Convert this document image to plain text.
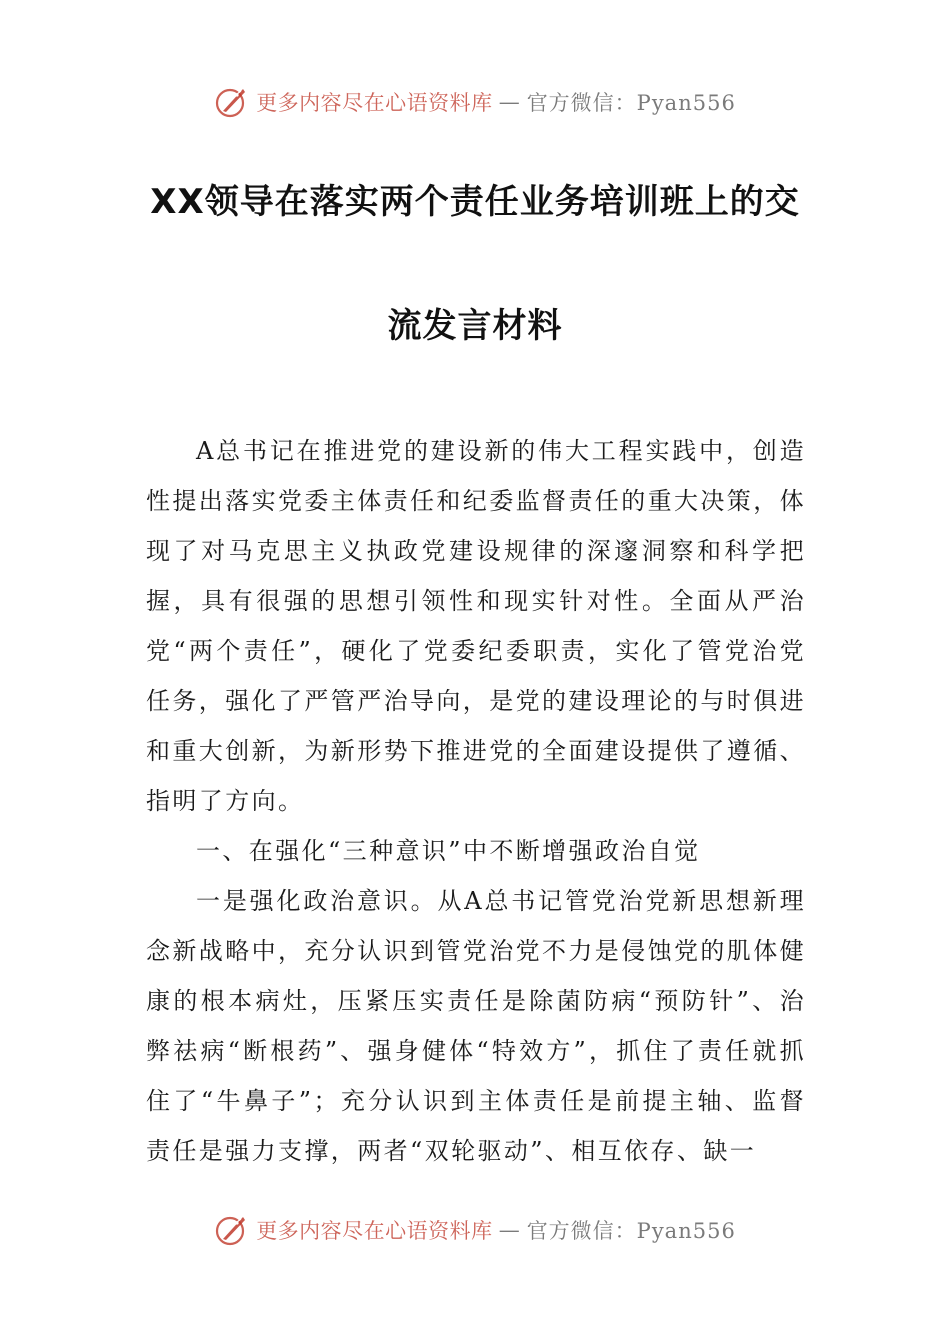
更多内容尽在心语资料库 — 官方微信：Pyan556
XX领导在落实两个责任业务培训班上的交
流发言材料

A总书记在推进党的建设新的伟大工程实践中，创造性提出落实党委主体责任和纪委监督责任的重大决策，体现了对马克思主义执政党建设规律的深邃洞察和科学把握，具有很强的思想引领性和现实针对性。全面从严治党“两个责任”，硬化了党委纪委职责，实化了管党治党任务，强化了严管严治导向，是党的建设理论的与时俱进和重大创新，为新形势下推进党的全面建设提供了遵循、指明了方向。

一、在强化“三种意识”中不断增强政治自觉

一是强化政治意识。从A总书记管党治党新思想新理念新战略中，充分认识到管党治党不力是侵蚀党的肌体健康的根本病灶，压紧压实责任是除菌防病“预防针”、治弊祛病“断根药”、强身健体“特效方”，抓住了责任就抓住了“牛鼻子”；充分认识到主体责任是前提主轴、监督责任是强力支撑，两者“双轮驱动”、相互依存、缺一

更多内容尽在心语资料库 — 官方微信：Pyan556
